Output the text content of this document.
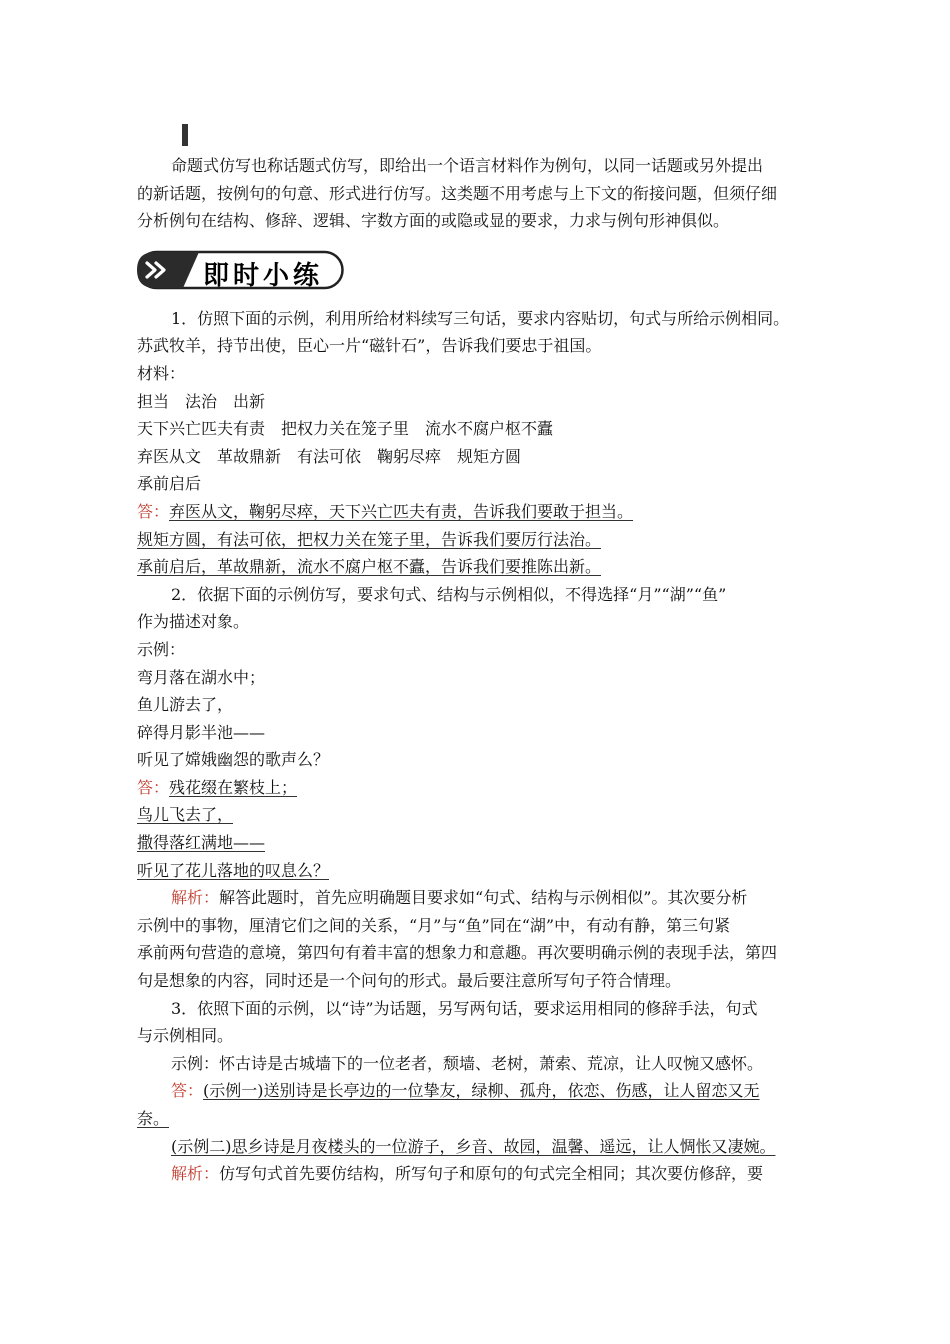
命题式仿写也称话题式仿写，即给出一个语言材料作为例句，以同一话题或另外提出
的新话题，按例句的句意、形式进行仿写。这类题不用考虑与上下文的衔接问题，但须仔细
分析例句在结构、修辞、逻辑、字数方面的或隐或显的要求，力求与例句形神俱似。
即时小练
1．仿照下面的示例，利用所给材料续写三句话，要求内容贴切，句式与所给示例相同。
苏武牧羊，持节出使，臣心一片“磁针石”，告诉我们要忠于祖国。
材料：
担当　法治　出新
天下兴亡匹夫有责　把权力关在笼子里　流水不腐户枢不蠹
弃医从文　革故鼎新　有法可依　鞠躬尽瘁　规矩方圆
承前启后
答：弃医从文，鞠躬尽瘁，天下兴亡匹夫有责，告诉我们要敢于担当。
规矩方圆，有法可依，把权力关在笼子里，告诉我们要厉行法治。
承前启后，革故鼎新，流水不腐户枢不蠹，告诉我们要推陈出新。
2．依据下面的示例仿写，要求句式、结构与示例相似，不得选择“月”“湖”“鱼”
作为描述对象。
示例：
弯月落在湖水中；
鱼儿游去了，
碎得月影半池——
听见了嫦娥幽怨的歌声么？
答：残花缀在繁枝上；
鸟儿飞去了，
撒得落红满地——
听见了花儿落地的叹息么？
解析：解答此题时，首先应明确题目要求如“句式、结构与示例相似”。其次要分析
示例中的事物，厘清它们之间的关系，“月”与“鱼”同在“湖”中，有动有静，第三句紧
承前两句营造的意境，第四句有着丰富的想象力和意趣。再次要明确示例的表现手法，第四
句是想象的内容，同时还是一个问句的形式。最后要注意所写句子符合情理。
3．依照下面的示例，以“诗”为话题，另写两句话，要求运用相同的修辞手法，句式
与示例相同。
示例：怀古诗是古城墙下的一位老者，颓墙、老树，萧索、荒凉，让人叹惋又感怀。
答：(示例一)送别诗是长亭边的一位挚友，绿柳、孤舟，依恋、伤感，让人留恋又无
奈。
(示例二)思乡诗是月夜楼头的一位游子，乡音、故园，温馨、遥远，让人惆怅又凄婉。
解析：仿写句式首先要仿结构，所写句子和原句的句式完全相同；其次要仿修辞，要
